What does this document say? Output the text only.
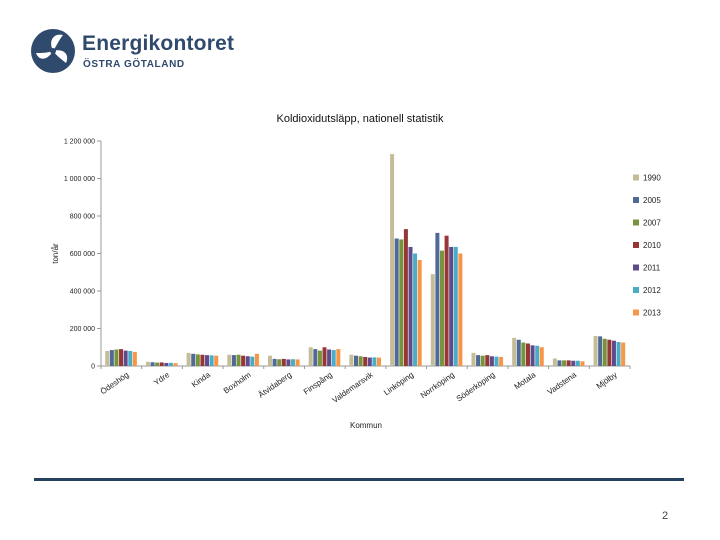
Energikontoret
ÖSTRA GÖTALAND
Koldioxidutsläpp, nationell statistik
0
200 000
400 000
600 000
800 000
1 000 000
1 200 000
ton/år
Ödeshög	Ydre Kinda Boxholm Åtvidaberg Finspång
Valdemarsvik Linköping Norrköping
Söderköping Motala Vadstena Mjölby
Kommun
1990
2005
2007
2010
2011
2012
2013
2
